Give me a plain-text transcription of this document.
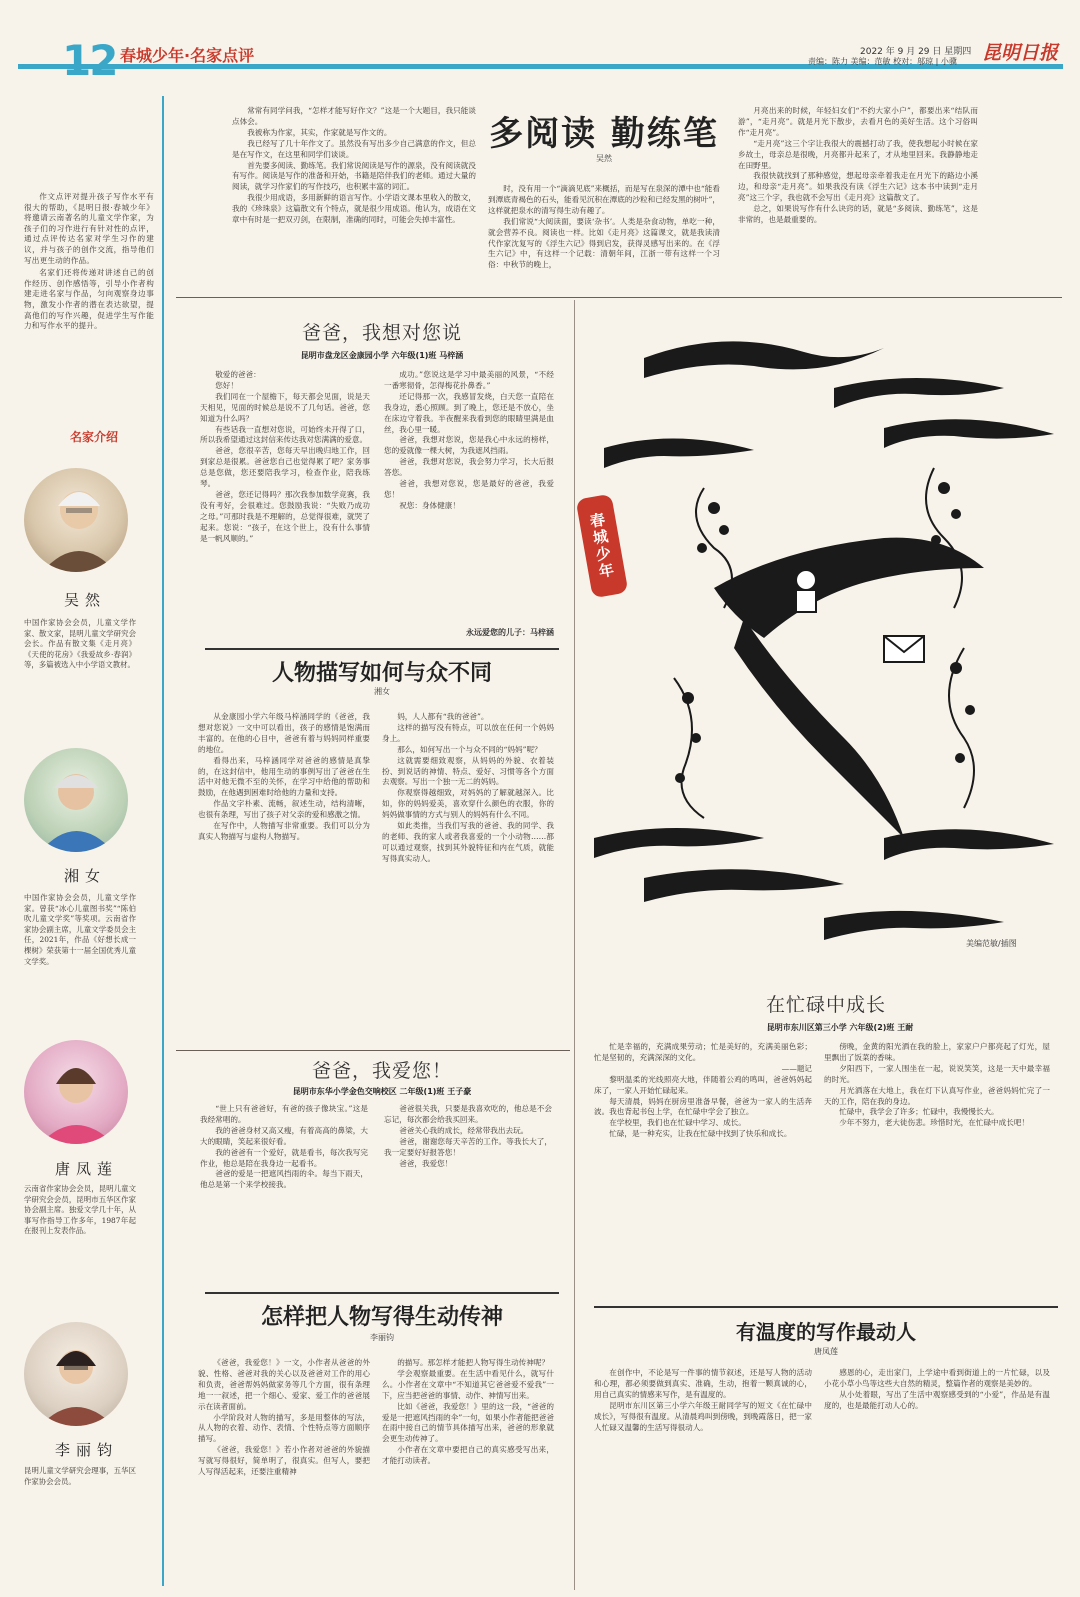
12 春城少年·名家点评	2022 年 9 月 29 日 星期四
责编：陈力 美编：范敏 校对：邬琼 | 小骥 昆明日报

作文点评对提升孩子写作水平有很大的帮助，《昆明日报·春城少年》将邀请云南著名的儿童文学作家，为孩子们的习作进行有针对性的点评，通过点评传达名家对学生习作的建议，并与孩子的创作交流，指导他们写出更生动的作品。

名家们还将传递对讲述自己的创作经历、创作感悟等，引导小作者构建走进名家与作品，匀向观察身边事物，激发小作者的潜在表达欲望，提高他们的写作兴趣，促进学生写作能力和写作水平的提升。

名家介绍
吴然
中国作家协会会员，儿童文学作家、散文家，昆明儿童文学研究会会长。作品有散文集《走月亮》《天使的花房》《我爱故乡·春润》等，多篇被选入中小学语文教材。
湘女
中国作家协会会员，儿童文学作家。曾获“冰心儿童图书奖”“陈伯吹儿童文学奖”等奖项。云南省作家协会副主席，儿童文学委员会主任，2021年，作品《好想长成一棵树》荣获第十一届全国优秀儿童文学奖。
唐凤莲
云南省作家协会会员，昆明儿童文学研究会会员，昆明市五华区作家协会副主席。独爱文学几十年，从事写作指导工作多年，1987年起在报刊上发表作品。
李丽钧
昆明儿童文学研究会理事，五华区作家协会会员。

常常有同学问我，“怎样才能写好作文？”这是一个大题目，我只能谈点体会。

我被称为作家，其实，作家就是写作文的。

我已经写了几十年作文了。虽然没有写出多少自己满意的作文，但总是在写作文，在这里和同学们谈谈。

首先要多阅读、勤练笔。我们常说阅读是写作的源泉，没有阅读就没有写作。阅读是写作的准备和开始，书籍是陪伴我们的老师。通过大量的阅读，就学习作家们的写作技巧，也积累丰富的词汇。

我很少用成语，多用新鲜的语言写作。小学语文课本里收入的散文，我的《珍珠泉》这篇散文有个特点，就是很少用成语。他认为，成语在文章中有时是一把双刃剑，在限制，准确的同时，可能会失掉丰富性。

多阅读 勤练笔
吴然

时，没有用一个“滴滴见底”来概括，而是写在泉深的潭中也“能看到潭底青褐色的石头，能看见沉积在潭底的沙粒和已经发黑的树叶”，这样就把泉水的清写得生动有趣了。

我们常说“大阅读面，要读‘杂书’。人类是杂食动物，单吃一种，就会营养不良。阅读也一样。比如《走月亮》这篇课文，就是我读清代作家沈复写的《浮生六记》得到启发，获得灵感写出来的。在《浮生六记》中，有这样一个记载：清朝年间，江浙一带有这样一个习俗：中秋节的晚上，

月亮出来的时候，年轻妇女们“不约大家小户”，都要出来“结队而游”，“走月亮”。就是月光下散步，去看月色的美好生活。这个习俗叫作“走月亮”。

“走月亮”这三个字让我很大的震撼打动了我，使我想起小时候在家乡故土，母亲总是很晚，月亮都升起来了，才从地里回来。我静静地走在田野里。

我很快就找到了那种感觉，想起母亲牵着我走在月光下的路边小溪边，和母亲“走月亮”。如果我没有读《浮生六记》这本书中读到“走月亮”这三个字，我也就不会写出《走月亮》这篇散文了。

总之，如果说写作有什么诀窍的话，就是“多阅读、勤练笔”，这是非常的，也是最重要的。

爸爸，我想对您说
昆明市盘龙区金康园小学 六年级(1)班 马梓涵

敬爱的爸爸：

您好！

我们同在一个屋檐下，每天都会见面，说是天天相见，见面的时候总是说不了几句话。爸爸，您知道为什么吗？

有些话我一直想对您说，可始终未开得了口，所以我希望通过这封信来传达我对您满满的爱意。

爸爸，您很辛苦，您每天早出晚归地工作，回到家总是很累。爸爸您自己也觉得累了吧？家务事总是您做，您还要陪我学习，检查作业，陪我练琴。

爸爸，您还记得吗？那次我参加数学竞赛，我没有考好，会很难过。您鼓励我说：“失败乃成功之母。”可那时我是不理解的，总觉得很难，就哭了起来。您说：“孩子，在这个世上，没有什么事情是一帆风顺的。”

成功。”您说这是学习中最美丽的风景，“不经一番寒彻骨，怎得梅花扑鼻香。”

还记得那一次，我感冒发烧，白天您一直陪在我身边，悉心照顾。到了晚上，您还是不放心，坐在床边守着我。半夜醒来我看到您的眼睛里满是血丝，我心里一暖。

爸爸，我想对您说，您是我心中永远的榜样，您的爱就像一棵大树，为我遮风挡雨。

爸爸，我想对您说，我会努力学习，长大后报答您。

爸爸，我想对您说，您是最好的爸爸，我爱您！

祝您：身体健康！

永远爱您的儿子：马梓涵
人物描写如何与众不同
湘女

从金康园小学六年级马梓涵同学的《爸爸，我想对您说》一文中可以看出，孩子的感情是饱满而丰富的。在他的心目中，爸爸有着与妈妈同样重要的地位。

看得出来，马梓涵同学对爸爸的感情是真挚的，在这封信中，他用生动的事例写出了爸爸在生活中对他无微不至的关怀，在学习中给他的帮助和鼓励，在他遇到困难时给他的力量和支持。

作品文字朴素、流畅，叙述生动，结构清晰，也很有条理，写出了孩子对父亲的爱和感激之情。

在写作中，人物描写非常重要。我们可以分为真实人物描写与虚构人物描写。

妈，人人都有“我的爸爸”。

这样的描写没有特点，可以放在任何一个妈妈身上。

那么，如何写出一个与众不同的“妈妈”呢？

这就需要细致观察，从妈妈的外貌、衣着装扮、到说话的神情、特点、爱好、习惯等各个方面去观察。写出一个独一无二的妈妈。

你观察得越细致，对妈妈的了解就越深入。比如，你的妈妈爱美，喜欢穿什么颜色的衣服，你的妈妈做事情的方式与别人的妈妈有什么不同。

如此类推，当我们写我的爸爸、我的同学、我的老师、我的家人或者我喜爱的一个小动物……都可以通过观察，找到其外貌特征和内在气质，就能写得真实动人。

爸爸，我爱您！
昆明市东华小学金色交响校区 二年级(1)班 王子豪

“世上只有爸爸好，有爸的孩子像块宝。”这是我经常唱的。

我的爸爸身材又高又瘦，有着高高的鼻梁，大大的眼睛，笑起来很好看。

我的爸爸有一个爱好，就是看书，每次我写完作业，他总是陪在我身边一起看书。

爸爸的爱是一把遮风挡雨的伞。每当下雨天，他总是第一个来学校接我。

爸爸很关我，只要是我喜欢吃的，他总是不会忘记，每次都会给我买回来。

爸爸关心我的成长，经常带我出去玩。

爸爸，谢谢您每天辛苦的工作。等我长大了，我一定要好好报答您！

爸爸，我爱您！

怎样把人物写得生动传神
李丽钧

《爸爸，我爱您！》一文，小作者从爸爸的外貌、性格、爸爸对我的关心以及爸爸对工作的用心和负责，爸爸帮妈妈做家务等几个方面，很有条理地一一叙述，把一个细心、爱家、爱工作的爸爸展示在读者面前。

小学阶段对人物的描写，多是用整体的写法，从人物的衣着、动作、表情、个性特点等方面顺序描写。

《爸爸，我爱您！》若小作者对爸爸的外貌描写就写得很好，简单明了，很真实。但写人，要把人写得活起来，还要注重精神

的描写。那怎样才能把人物写得生动传神呢？

学会观察最重要。在生活中看见什么，就写什么。小作者在文章中“不知道其它爸爸爱不爱我”一下，应当把爸爸的事情、动作、神情写出来。

比如《爸爸，我爱您！》里的这一段，“爸爸的爱是一把遮风挡雨的伞”一句，如果小作者能把爸爸在雨中接自己的情节具体描写出来，爸爸的形象就会更生动传神了。

小作者在文章中要把自己的真实感受写出来，才能打动读者。

春城少年
美编范敏/插图
在忙碌中成长
昆明市东川区第三小学 六年级(2)班 王耐

忙是幸福的，充满成果劳动；忙是美好的，充满美丽色彩；忙是坚韧的，充满深深的文化。

——题记

黎明温柔的光线照亮大地，伴随着公鸡的鸣叫，爸爸妈妈起床了，一家人开始忙碌起来。

每天清晨，妈妈在厨房里准备早餐，爸爸为一家人的生活奔波。我也背起书包上学，在忙碌中学会了独立。

在学校里，我们也在忙碌中学习、成长。

忙碌，是一种充实，让我在忙碌中找到了快乐和成长。

傍晚，金黄的阳光洒在我的脸上，家家户户都亮起了灯光，屋里飘出了饭菜的香味。

夕阳西下，一家人围坐在一起，说说笑笑，这是一天中最幸福的时光。

月光洒落在大地上，我在灯下认真写作业，爸爸妈妈忙完了一天的工作，陪在我的身边。

忙碌中，我学会了许多；忙碌中，我慢慢长大。

少年不努力，老大徒伤悲。珍惜时光，在忙碌中成长吧！

有温度的写作最动人
唐凤莲

在创作中，不论是写一件事的情节叙述，还是写人物的活动和心理，都必须要做到真实、准确，生动，抱着一颗真诚的心，用自己真实的情感来写作，是有温度的。

昆明市东川区第三小学六年级王耐同学写的短文《在忙碌中成长》，写得很有温度。从清晨鸡叫到傍晚，到晚霞落日，把一家人忙碌又温馨的生活写得很动人。

感恩的心，走出家门，上学途中看到街道上的一片忙碌，以及小花小草小鸟等这些大自然的精灵，整篇作者的观察是美妙的。

从小处着眼，写出了生活中观察感受到的“小爱”，作品是有温度的，也是最能打动人心的。
